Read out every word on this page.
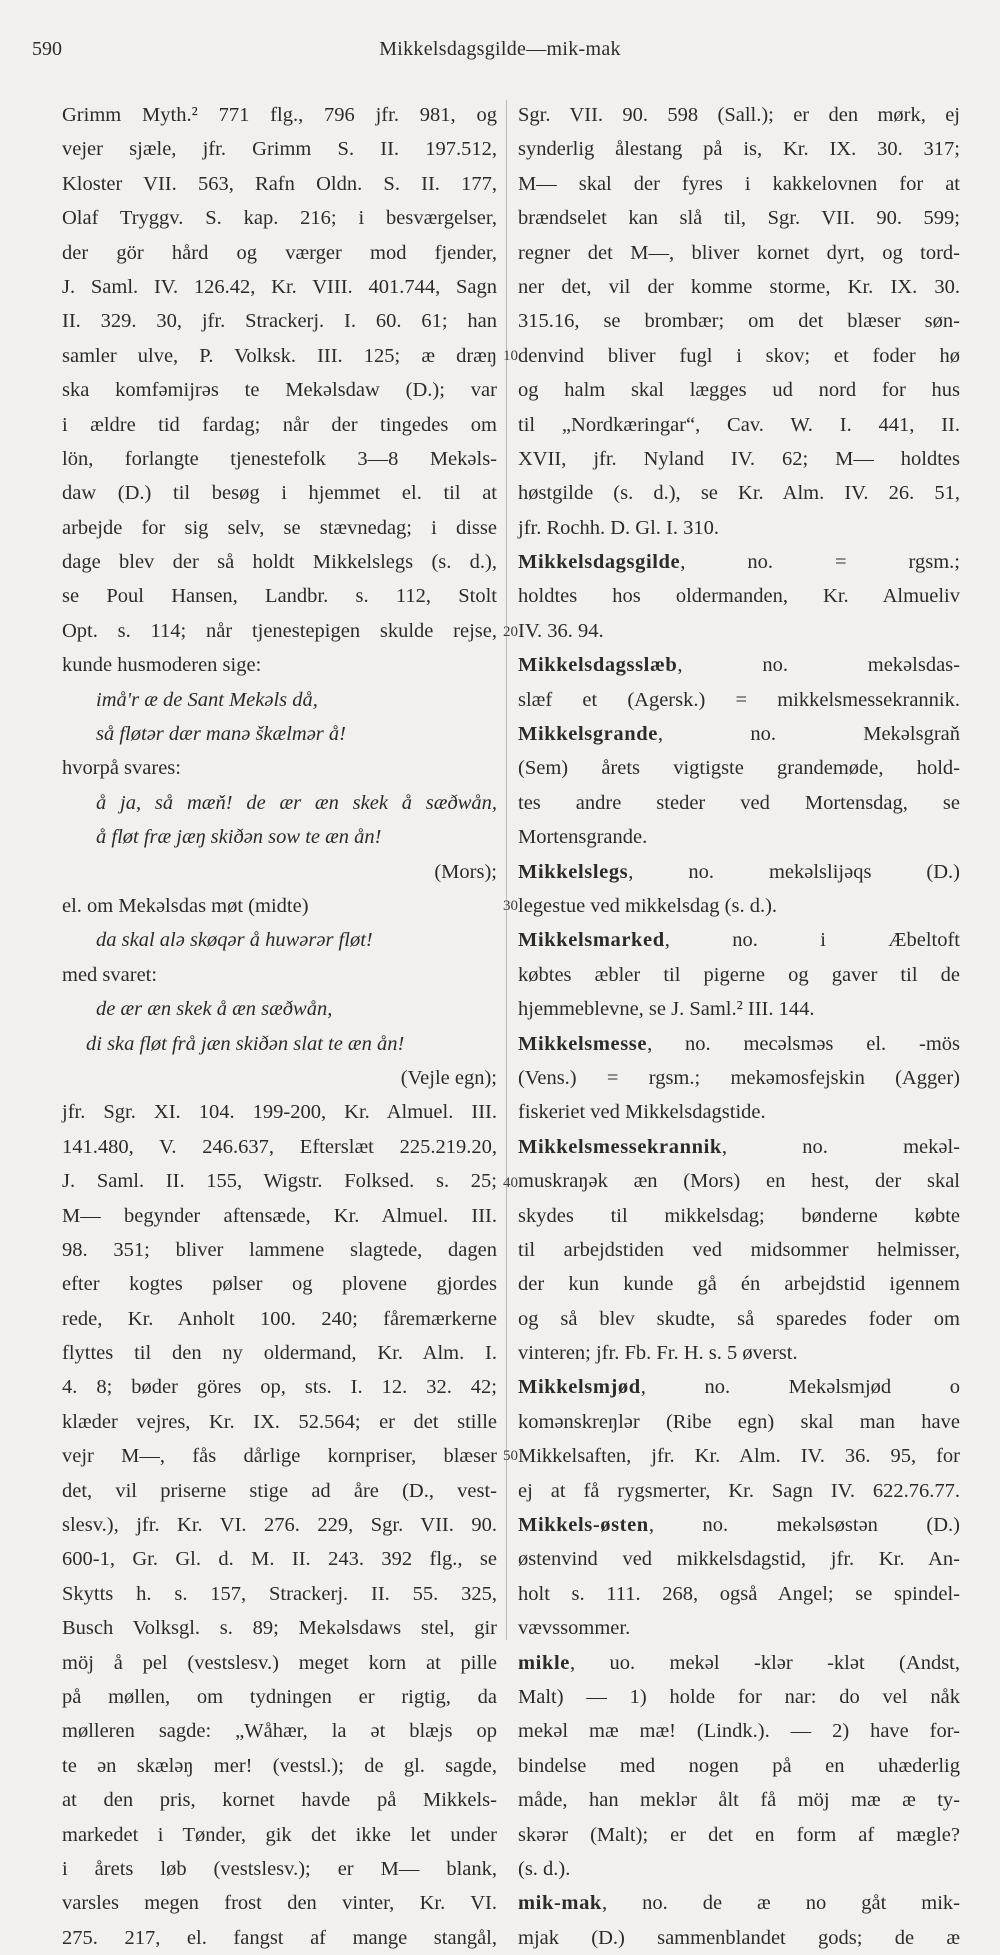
590	Mikkelsdagsgilde—mik-mak
Grimm Myth.² 771 flg., 796 jfr. 981, og
vejer sjæle, jfr. Grimm S. II. 197.512,
Kloster VII. 563, Rafn Oldn. S. II. 177,
Olaf Tryggv. S. kap. 216; i besværgelser,
der gör hård og værger mod fjender,
J. Saml. IV. 126.42, Kr. VIII. 401.744, Sagn
II. 329. 30, jfr. Strackerj. I. 60. 61; han
samler ulve, P. Volksk. III. 125; æ dræŋ
ska komfəmijrəs te Mekəlsdaw (D.); var
i ældre tid fardag; når der tingedes om
lön, forlangte tjenestefolk 3—8 Mekəls-
daw (D.) til besøg i hjemmet el. til at
arbejde for sig selv, se stævnedag; i disse
dage blev der så holdt Mikkelslegs (s. d.),
se Poul Hansen, Landbr. s. 112, Stolt
Opt. s. 114; når tjenestepigen skulde rejse,
kunde husmoderen sige:
imå'r æ de Sant Mekəls då,
så fløtər dær manə škælmər å!
hvorpå svares:
å ja, så mæň! de ær æn skek å sæðwån,
å fløt fræ jæŋ skiðən sow te æn ån!
(Mors);
el. om Mekəlsdas møt (midte)
da skal alə skøqər å huwərər fløt!
med svaret:
de ær æn skek å æn sæðwån,
di ska fløt frå jæn skiðən slat te æn ån!
(Vejle egn);
jfr. Sgr. XI. 104. 199-200, Kr. Almuel. III.
141.480, V. 246.637, Efterslæt 225.219.20,
J. Saml. II. 155, Wigstr. Folksed. s. 25;
M— begynder aftensæde, Kr. Almuel. III.
98. 351; bliver lammene slagtede, dagen
efter kogtes pølser og plovene gjordes
rede, Kr. Anholt 100. 240; fåremærkerne
flyttes til den ny oldermand, Kr. Alm. I.
4. 8; bøder göres op, sts. I. 12. 32. 42;
klæder vejres, Kr. IX. 52.564; er det stille
vejr M—, fås dårlige kornpriser, blæser
det, vil priserne stige ad åre (D., vest-
slesv.), jfr. Kr. VI. 276. 229, Sgr. VII. 90.
600-1, Gr. Gl. d. M. II. 243. 392 flg., se
Skytts h. s. 157, Strackerj. II. 55. 325,
Busch Volksgl. s. 89; Mekəlsdaws stel, gir
möj å pel (vestslesv.) meget korn at pille
på møllen, om tydningen er rigtig, da
mølleren sagde: „Wåhær, la ət blæjs op
te ən skæləŋ mer! (vestsl.); de gl. sagde,
at den pris, kornet havde på Mikkels-
markedet i Tønder, gik det ikke let under
i årets løb (vestslesv.); er M— blank,
varsles megen frost den vinter, Kr. VI.
275. 217, el. fangst af mange stangål,
Sgr. VII. 90. 598 (Sall.); er den mørk, ej
synderlig ålestang på is, Kr. IX. 30. 317;
M— skal der fyres i kakkelovnen for at
brændselet kan slå til, Sgr. VII. 90. 599;
regner det M—, bliver kornet dyrt, og tord-
ner det, vil der komme storme, Kr. IX. 30.
315.16, se brombær; om det blæser søn-
denvind bliver fugl i skov; et foder hø
og halm skal lægges ud nord for hus
til „Nordkæringar“, Cav. W. I. 441, II.
XVII, jfr. Nyland IV. 62; M— holdtes
høstgilde (s. d.), se Kr. Alm. IV. 26. 51,
jfr. Rochh. D. Gl. I. 310.
Mikkelsdagsgilde, no. = rgsm.;
holdtes hos oldermanden, Kr. Almueliv
IV. 36. 94.
Mikkelsdagsslæb, no. mekəlsdas-
slæf et (Agersk.) = mikkelsmessekrannik.
Mikkelsgrande, no. Mekəlsgraň
(Sem) årets vigtigste grandemøde, hold-
tes andre steder ved Mortensdag, se
Mortensgrande.
Mikkelslegs, no. mekəlslijəqs (D.)
legestue ved mikkelsdag (s. d.).
Mikkelsmarked, no. i Æbeltoft
købtes æbler til pigerne og gaver til de
hjemmeblevne, se J. Saml.² III. 144.
Mikkelsmesse, no. mecəlsməs el. -mös
(Vens.) = rgsm.; mekəmosfejskin (Agger)
fiskeriet ved Mikkelsdagstide.
Mikkelsmessekrannik, no. mekəl-
muskraŋək æn (Mors) en hest, der skal
skydes til mikkelsdag; bønderne købte
til arbejdstiden ved midsommer helmisser,
der kun kunde gå én arbejdstid igennem
og så blev skudte, så sparedes foder om
vinteren; jfr. Fb. Fr. H. s. 5 øverst.
Mikkelsmjød, no. Mekəlsmjød o
komənskreŋlər (Ribe egn) skal man have
Mikkelsaften, jfr. Kr. Alm. IV. 36. 95, for
ej at få rygsmerter, Kr. Sagn IV. 622.76.77.
Mikkels-østen, no. mekəlsøstən (D.)
østenvind ved mikkelsdagstid, jfr. Kr. An-
holt s. 111. 268, også Angel; se spindel-
vævssommer.
mikle, uo. mekəl -klər -klət (Andst,
Malt) — 1) holde for nar: do vel nåk
mekəl mæ mæ! (Lindk.). — 2) have for-
bindelse med nogen på en uhæderlig
måde, han meklər ålt få möj mæ æ ty-
skərər (Malt); er det en form af mægle?
(s. d.).
mik-mak, no. de æ no gåt mik-
mjak (D.) sammenblandet gods; de æ
10
20
30
40
50
